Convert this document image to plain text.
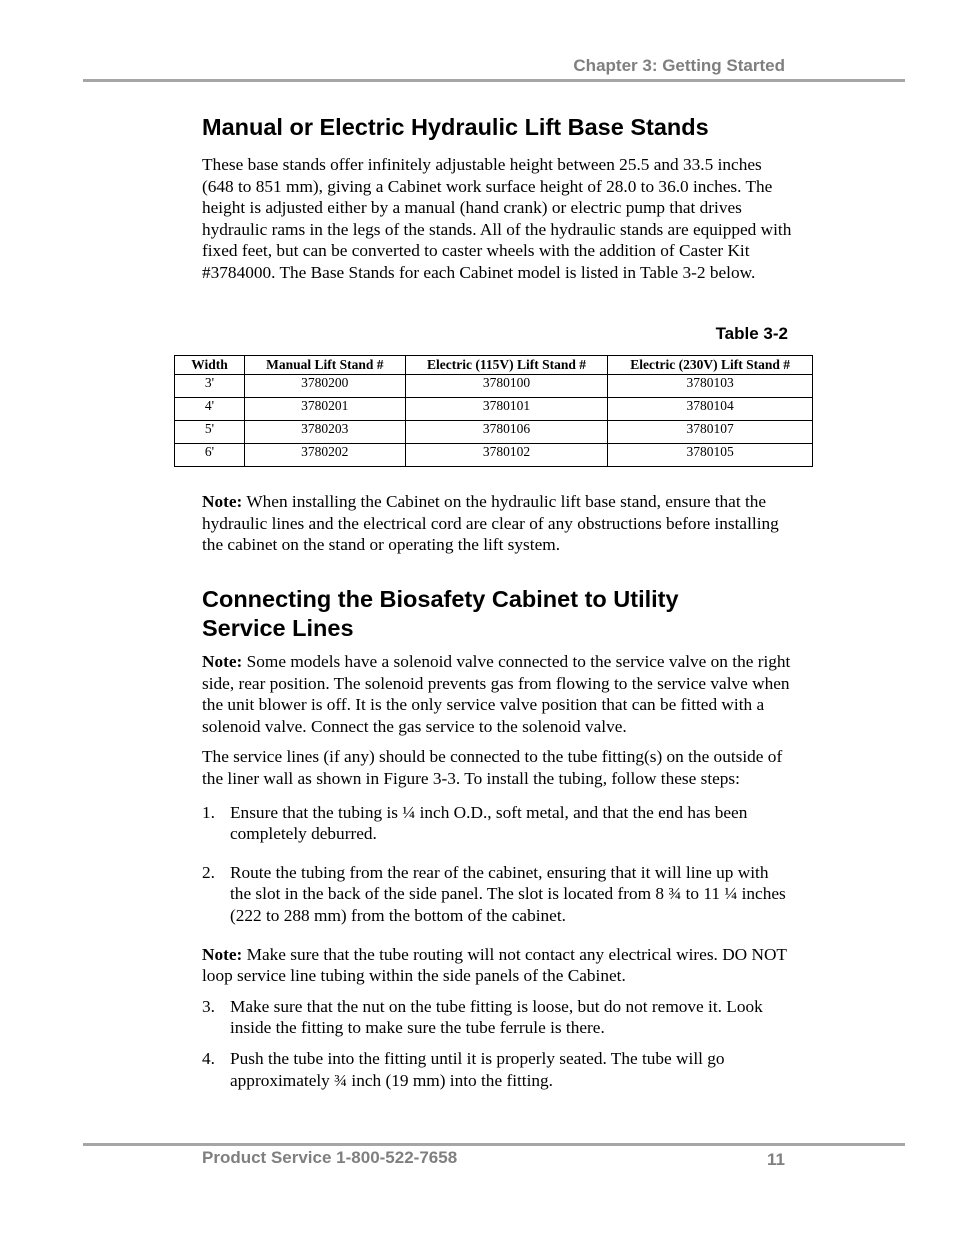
Chapter 3: Getting Started
Manual or Electric Hydraulic Lift Base Stands

These base stands offer infinitely adjustable height between 25.5 and 33.5 inches (648 to 851 mm), giving a Cabinet work surface height of 28.0 to 36.0 inches. The height is adjusted either by a manual (hand crank) or electric pump that drives hydraulic rams in the legs of the stands. All of the hydraulic stands are equipped with fixed feet, but can be converted to caster wheels with the addition of Caster Kit #3784000. The Base Stands for each Cabinet model is listed in Table 3-2 below.

Table 3-2
Width	Manual Lift Stand #	Electric (115V) Lift Stand #	Electric (230V) Lift Stand #
3'	3780200	3780100	3780103
4'	3780201	3780101	3780104
5'	3780203	3780106	3780107
6'	3780202	3780102	3780105

Note: When installing the Cabinet on the hydraulic lift base stand, ensure that the hydraulic lines and the electrical cord are clear of any obstructions before installing the cabinet on the stand or operating the lift system.

Connecting the Biosafety Cabinet to Utility Service Lines

Note: Some models have a solenoid valve connected to the service valve on the right side, rear position. The solenoid prevents gas from flowing to the service valve when the unit blower is off. It is the only service valve position that can be fitted with a solenoid valve. Connect the gas service to the solenoid valve.

The service lines (if any) should be connected to the tube fitting(s) on the outside of the liner wall as shown in Figure 3-3. To install the tubing, follow these steps:

1. Ensure that the tubing is ¼ inch O.D., soft metal, and that the end has been completely deburred.
2. Route the tubing from the rear of the cabinet, ensuring that it will line up with the slot in the back of the side panel. The slot is located from 8 ¾ to 11 ¼ inches (222 to 288 mm) from the bottom of the cabinet.

Note: Make sure that the tube routing will not contact any electrical wires. DO NOT loop service line tubing within the side panels of the Cabinet.

3. Make sure that the nut on the tube fitting is loose, but do not remove it. Look inside the fitting to make sure the tube ferrule is there.
4. Push the tube into the fitting until it is properly seated. The tube will go approximately ¾ inch (19 mm) into the fitting.
Product Service 1-800-522-7658	11
